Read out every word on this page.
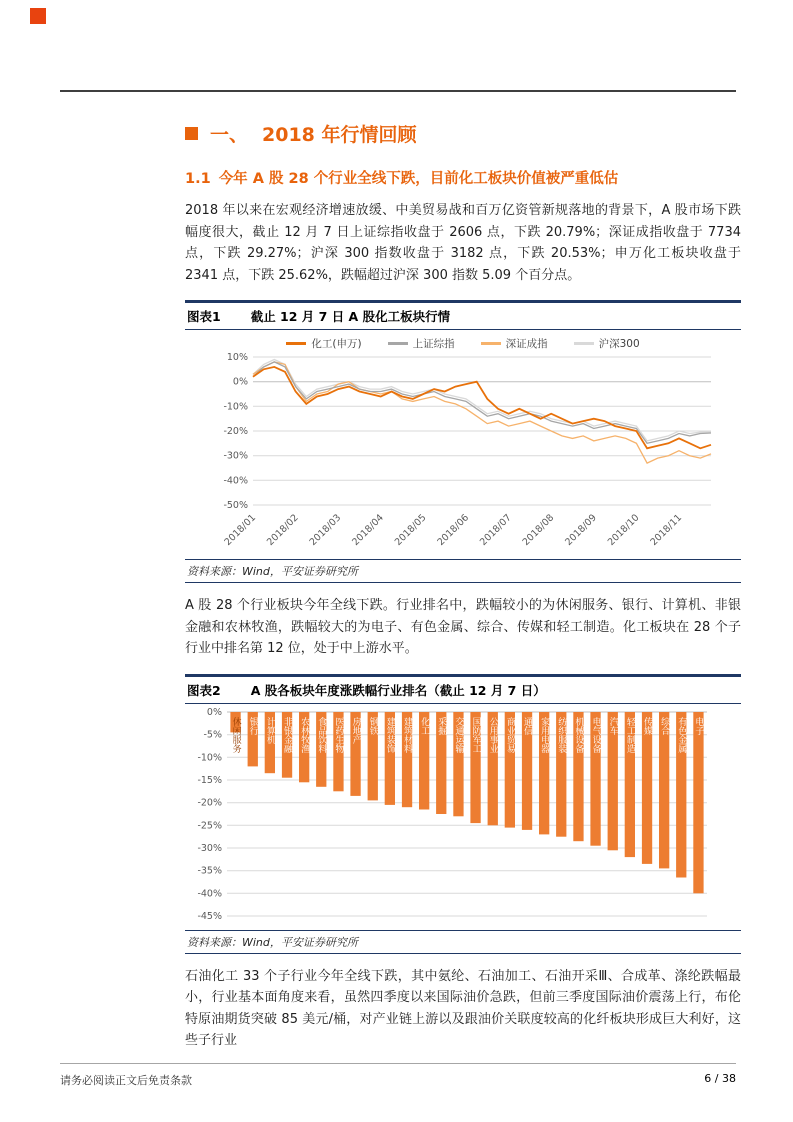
一、 2018 年行情回顾
1.1 今年 A 股 28 个行业全线下跌，目前化工板块价值被严重低估

2018 年以来在宏观经济增速放缓、中美贸易战和百万亿资管新规落地的背景下，A 股市场下跌幅度很大，截止 12 月 7 日上证综指收盘于 2606 点，下跌 20.79%；深证成指收盘于 7734 点，下跌 29.27%；沪深 300 指数收盘于 3182 点，下跌 20.53%；申万化工板块收盘于 2341 点，下跌 25.62%，跌幅超过沪深 300 指数 5.09 个百分点。

图表1 截止 12 月 7 日 A 股化工板块行情
化工(申万)	上证综指	深证成指	沪深300
10%
0%
-10%
-20%
-30%
-40%
-50%
2018/01 2018/02 2018/03 2018/04 2018/05 2018/06 2018/07 2018/08 2018/09 2018/10 2018/11
资料来源：Wind，平安证券研究所

A 股 28 个行业板块今年全线下跌。行业排名中，跌幅较小的为休闲服务、银行、计算机、非银金融和农林牧渔，跌幅较大的为电子、有色金属、综合、传媒和轻工制造。化工板块在 28 个子行业中排名第 12 位，处于中上游水平。

图表2 A 股各板块年度涨跌幅行业排名（截止 12 月 7 日）
0%
-5%
-10%
-15%
-20%
-25%
-30%
-35%
-40%
-45%
休闲服务 银行 计算机 非银金融 农林牧渔 食品饮料 医药生物 房地产 钢铁 建筑装饰 建筑材料 化工 采掘 交通运输 国防军工 公用事业 商业贸易 通信 家用电器 纺织服装 机械设备 电气设备 汽车 轻工制造 传媒 综合 有色金属 电子
资料来源：Wind，平安证券研究所

石油化工 33 个子行业今年全线下跌，其中氨纶、石油加工、石油开采Ⅲ、合成革、涤纶跌幅最小，行业基本面角度来看，虽然四季度以来国际油价急跌，但前三季度国际油价震荡上行，布伦特原油期货突破 85 美元/桶，对产业链上游以及跟油价关联度较高的化纤板块形成巨大利好，这些子行业

请务必阅读正文后免责条款	6 / 38
